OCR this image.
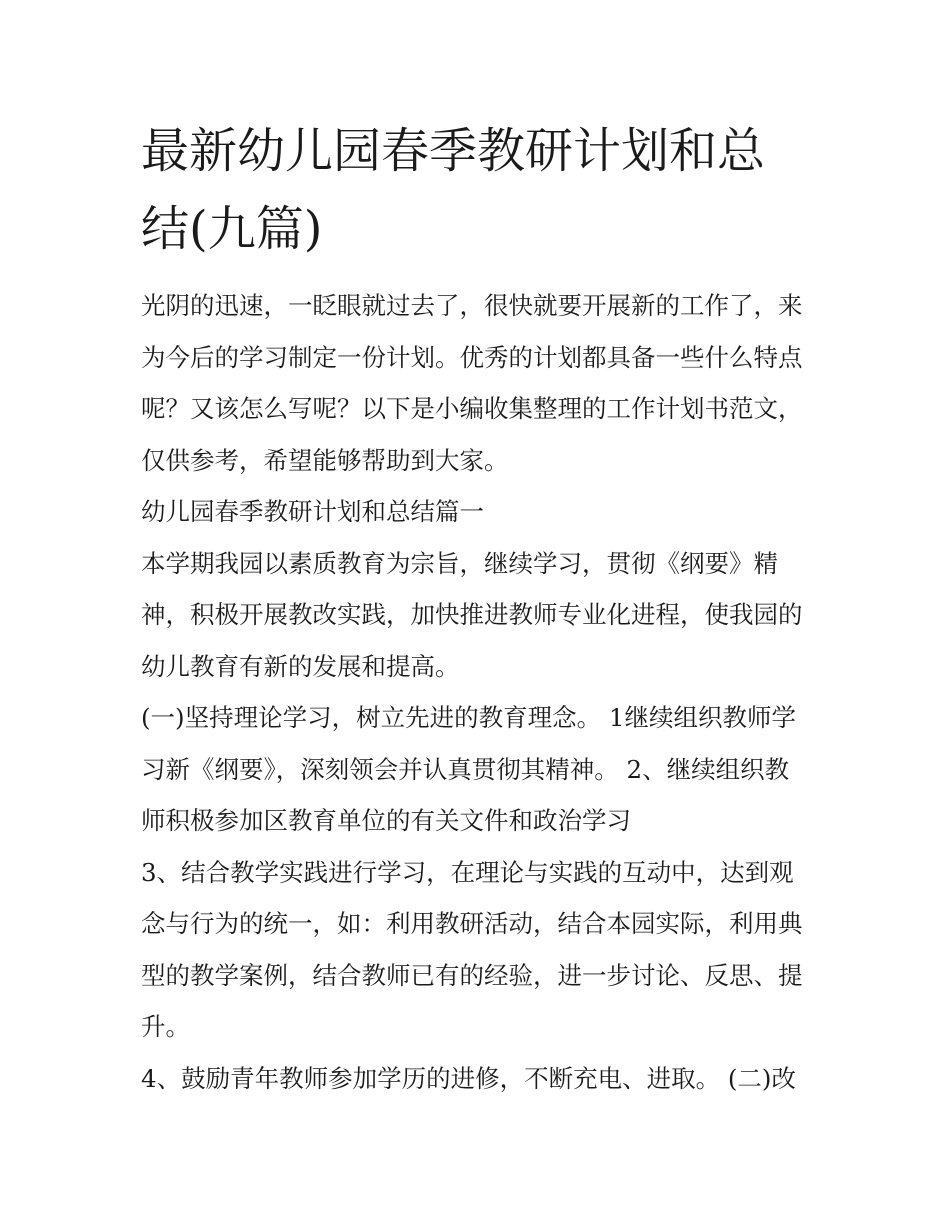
最新幼儿园春季教研计划和总
结(九篇)
光阴的迅速，一眨眼就过去了，很快就要开展新的工作了，来
为今后的学习制定一份计划。优秀的计划都具备一些什么特点
呢？又该怎么写呢？以下是小编收集整理的工作计划书范文，
仅供参考，希望能够帮助到大家。
幼儿园春季教研计划和总结篇一
本学期我园以素质教育为宗旨，继续学习，贯彻《纲要》精
神，积极开展教改实践，加快推进教师专业化进程，使我园的
幼儿教育有新的发展和提高。
(一)坚持理论学习，树立先进的教育理念。 1继续组织教师学
习新《纲要》，深刻领会并认真贯彻其精神。 2、继续组织教
师积极参加区教育单位的有关文件和政治学习
3、结合教学实践进行学习，在理论与实践的互动中，达到观
念与行为的统一，如：利用教研活动，结合本园实际，利用典
型的教学案例，结合教师已有的经验，进一步讨论、反思、提
升。
4、鼓励青年教师参加学历的进修，不断充电、进取。 (二)改
